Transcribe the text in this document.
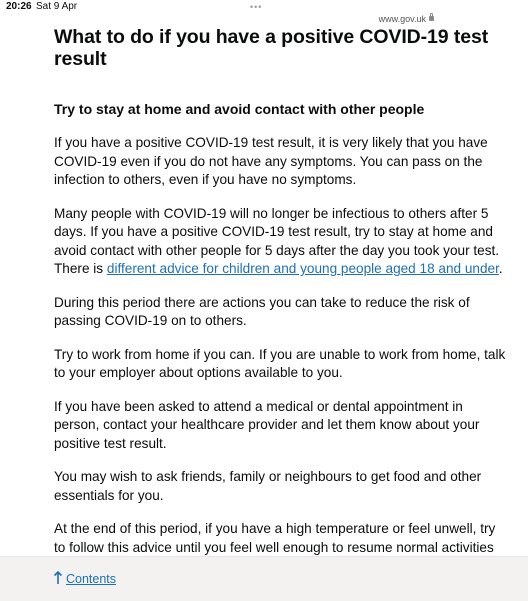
20:26 Sat 9 Apr	•••
www.gov.uk
What to do if you have a positive COVID-19 test result
Try to stay at home and avoid contact with other people

If you have a positive COVID-19 test result, it is very likely that you have COVID-19 even if you do not have any symptoms. You can pass on the infection to others, even if you have no symptoms.

Many people with COVID-19 will no longer be infectious to others after 5 days. If you have a positive COVID-19 test result, try to stay at home and avoid contact with other people for 5 days after the day you took your test. There is different advice for children and young people aged 18 and under.

During this period there are actions you can take to reduce the risk of passing COVID-19 on to others.

Try to work from home if you can. If you are unable to work from home, talk to your employer about options available to you.

If you have been asked to attend a medical or dental appointment in person, contact your healthcare provider and let them know about your positive test result.

You may wish to ask friends, family or neighbours to get food and other essentials for you.

At the end of this period, if you have a high temperature or feel unwell, try to follow this advice until you feel well enough to resume normal activities

Contents
